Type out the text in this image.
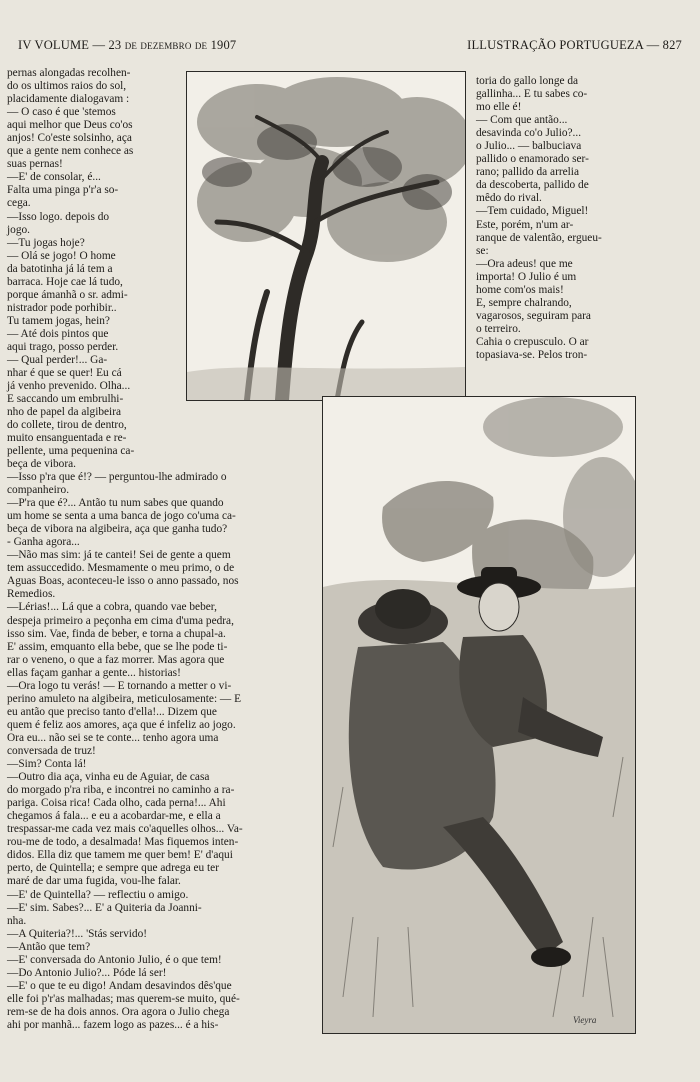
IV VOLUME — 23 de dezembro de 1907	ILLUSTRAÇÃO PORTUGUEZA — 827

pernas alongadas recolhen-

do os ultimos raios do sol,

placidamente dialogavam :

— O caso é que 'stemos

aqui melhor que Deus co'os

anjos! Co'este solsinho, aça

que a gente nem conhece as

suas pernas!

—E' de consolar, é...

Falta uma pinga p'r'a so-

cega.

—Isso logo. depois do

jogo.

—Tu jogas hoje?

— Olá se jogo! O home

da batotinha já lá tem a

barraca. Hoje cae lá tudo,

porque ámanhã o sr. admi-

nistrador pode porhibir..

Tu tamem jogas, hein?

— Até dois pintos que

aqui trago, posso perder.

— Qual perder!... Ga-

nhar é que se quer! Eu cá

já venho prevenido. Olha...

E saccando um embrulhi-

nho de papel da algibeira

do collete, tirou de dentro,

muito ensanguentada e re-

pellente, uma pequenina ca-

beça de vibora.

toria do gallo longe da

gallinha... E tu sabes co-

mo elle é!

— Com que antão...

desavinda co'o Julio?...

o Julio... — balbuciava

pallido o enamorado ser-

rano; pallido da arrelia

da descoberta, pallido de

mêdo do rival.

—Tem cuidado, Miguel!

Este, porém, n'um ar-

ranque de valentão, ergueu-

se:

—Ora adeus! que me

importa! O Julio é um

home com'os mais!

E, sempre chalrando,

vagarosos, seguiram para

o terreiro.

Cahia o crepusculo. O ar

topasiava-se. Pelos tron-

—Isso p'ra que é!? — perguntou-lhe admirado o

companheiro.

—P'ra que é?... Antão tu num sabes que quando

um home se senta a uma banca de jogo co'uma ca-

beça de vibora na algibeira, aça que ganha tudo?

- Ganha agora...

—Não mas sim: já te cantei! Sei de gente a quem

tem assuccedido. Mesmamente o meu primo, o de

Aguas Boas, aconteceu-le isso o anno passado, nos

Remedios.

—Lérias!... Lá que a cobra, quando vae beber,

despeja primeiro a peçonha em cima d'uma pedra,

isso sim. Vae, finda de beber, e torna a chupal-a.

E' assim, emquanto ella bebe, que se lhe pode ti-

rar o veneno, o que a faz morrer. Mas agora que

ellas façam ganhar a gente... historias!

—Ora logo tu verás! — E tornando a metter o vi-

perino amuleto na algibeira, meticulosamente: — E

eu antão que preciso tanto d'ella!... Dizem que

quem é feliz aos amores, aça que é infeliz ao jogo.

Ora eu... não sei se te conte... tenho agora uma

conversada de truz!

—Sim? Conta lá!

—Outro dia aça, vinha eu de Aguiar, de casa

do morgado p'ra riba, e incontrei no caminho a ra-

pariga. Coisa rica! Cada olho, cada perna!... Ahi

chegamos á fala... e eu a acobardar-me, e ella a

trespassar-me cada vez mais co'aquelles olhos... Va-

rou-me de todo, a desalmada! Mas fiquemos inten-

didos. Ella diz que tamem me quer bem! E' d'aqui

perto, de Quintella; e sempre que adrega eu ter

maré de dar uma fugida, vou-lhe falar.

—E' de Quintella? — reflectiu o amigo.

—E' sim. Sabes?... E' a Quiteria da Joanni-

nha.

—A Quiteria?!... 'Stás servido!

—Antão que tem?

—E' conversada do Antonio Julio, é o que tem!

—Do Antonio Julio?... Póde lá ser!

—E' o que te eu digo! Andam desavindos dês'que

elle foi p'r'as malhadas; mas querem-se muito, qué-

rem-se de ha dois annos. Ora agora o Julio chega

ahi por manhã... fazem logo as pazes... é a his-	Vieyra
